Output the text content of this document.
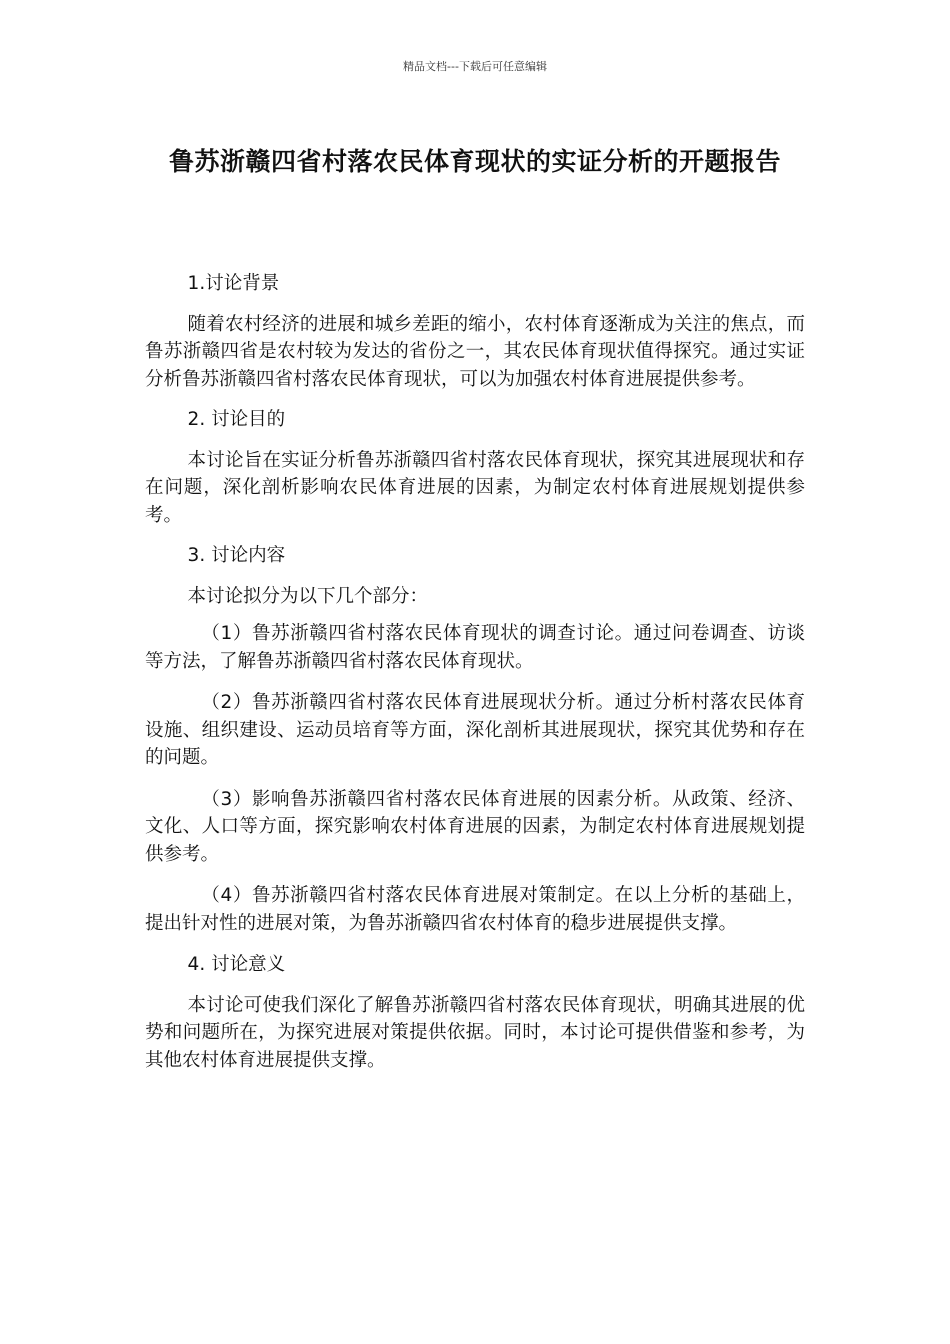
精品文档---下载后可任意编辑
鲁苏浙赣四省村落农民体育现状的实证分析的开题报告

1.讨论背景

随着农村经济的进展和城乡差距的缩小，农村体育逐渐成为关注的焦点，而鲁苏浙赣四省是农村较为发达的省份之一，其农民体育现状值得探究。通过实证分析鲁苏浙赣四省村落农民体育现状，可以为加强农村体育进展提供参考。

2. 讨论目的

本讨论旨在实证分析鲁苏浙赣四省村落农民体育现状，探究其进展现状和存在问题，深化剖析影响农民体育进展的因素，为制定农村体育进展规划提供参考。

3. 讨论内容

本讨论拟分为以下几个部分：

（1）鲁苏浙赣四省村落农民体育现状的调查讨论。通过问卷调查、访谈等方法，了解鲁苏浙赣四省村落农民体育现状。

（2）鲁苏浙赣四省村落农民体育进展现状分析。通过分析村落农民体育设施、组织建设、运动员培育等方面，深化剖析其进展现状，探究其优势和存在的问题。

（3）影响鲁苏浙赣四省村落农民体育进展的因素分析。从政策、经济、文化、人口等方面，探究影响农村体育进展的因素，为制定农村体育进展规划提供参考。

（4）鲁苏浙赣四省村落农民体育进展对策制定。在以上分析的基础上，提出针对性的进展对策，为鲁苏浙赣四省农村体育的稳步进展提供支撑。

4. 讨论意义

本讨论可使我们深化了解鲁苏浙赣四省村落农民体育现状，明确其进展的优势和问题所在，为探究进展对策提供依据。同时，本讨论可提供借鉴和参考，为其他农村体育进展提供支撑。
